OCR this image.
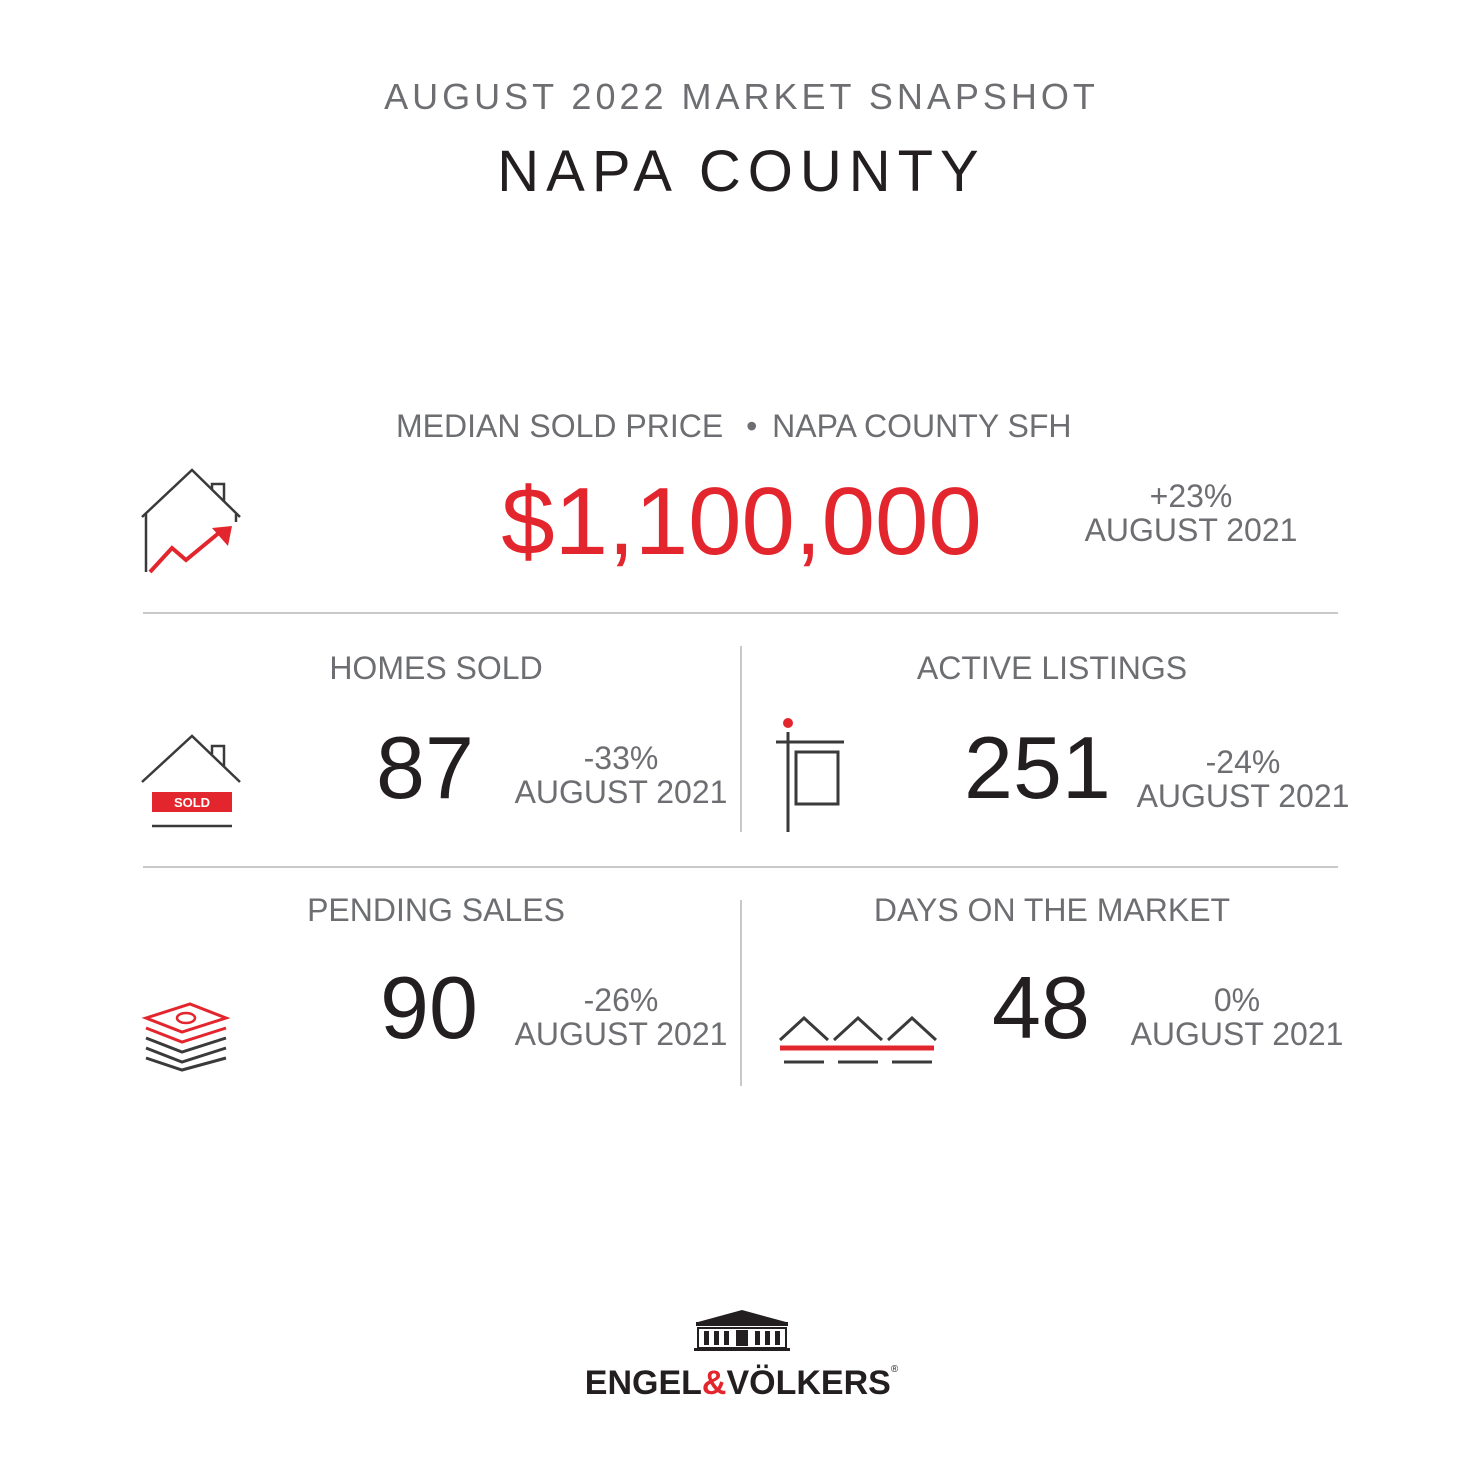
AUGUST 2022 MARKET SNAPSHOT
NAPA COUNTY
MEDIAN SOLD PRICE • NAPA COUNTY SFH
$1,100,000	+23%
AUGUST 2021
HOMES SOLD
SOLD 87	-33%
AUGUST 2021
ACTIVE LISTINGS
251	-24%
AUGUST 2021
PENDING SALES
90	-26%
AUGUST 2021
DAYS ON THE MARKET
48	0%
AUGUST 2021
ENGEL&VÖLKERS®
